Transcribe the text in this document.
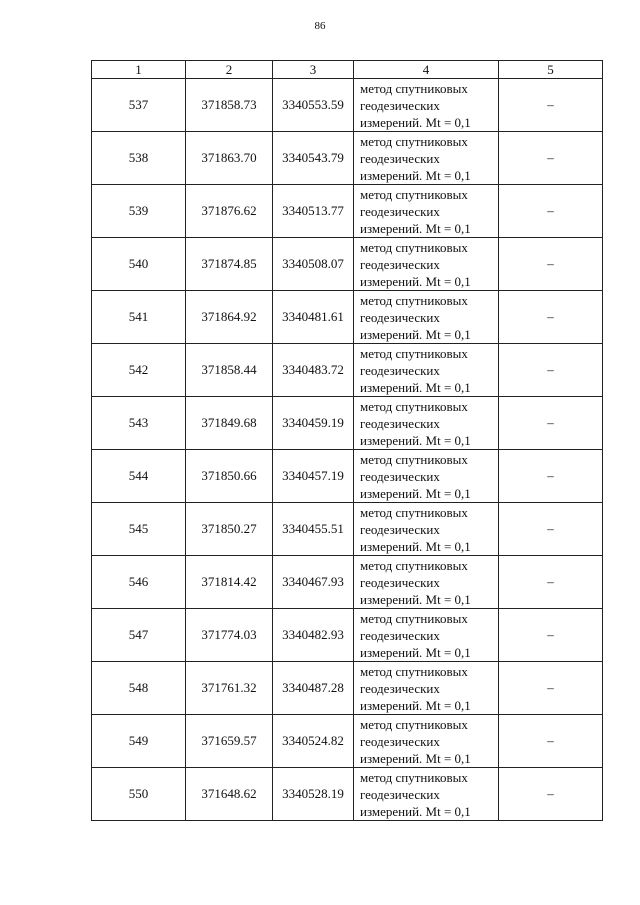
86
1	2	3	4	5
537	371858.73	3340553.59	метод спутниковых
геодезических
измерений. Mt = 0,1	–
538	371863.70	3340543.79	метод спутниковых
геодезических
измерений. Mt = 0,1	–
539	371876.62	3340513.77	метод спутниковых
геодезических
измерений. Mt = 0,1	–
540	371874.85	3340508.07	метод спутниковых
геодезических
измерений. Mt = 0,1	–
541	371864.92	3340481.61	метод спутниковых
геодезических
измерений. Mt = 0,1	–
542	371858.44	3340483.72	метод спутниковых
геодезических
измерений. Mt = 0,1	–
543	371849.68	3340459.19	метод спутниковых
геодезических
измерений. Mt = 0,1	–
544	371850.66	3340457.19	метод спутниковых
геодезических
измерений. Mt = 0,1	–
545	371850.27	3340455.51	метод спутниковых
геодезических
измерений. Mt = 0,1	–
546	371814.42	3340467.93	метод спутниковых
геодезических
измерений. Mt = 0,1	–
547	371774.03	3340482.93	метод спутниковых
геодезических
измерений. Mt = 0,1	–
548	371761.32	3340487.28	метод спутниковых
геодезических
измерений. Mt = 0,1	–
549	371659.57	3340524.82	метод спутниковых
геодезических
измерений. Mt = 0,1	–
550	371648.62	3340528.19	метод спутниковых
геодезических
измерений. Mt = 0,1	–
